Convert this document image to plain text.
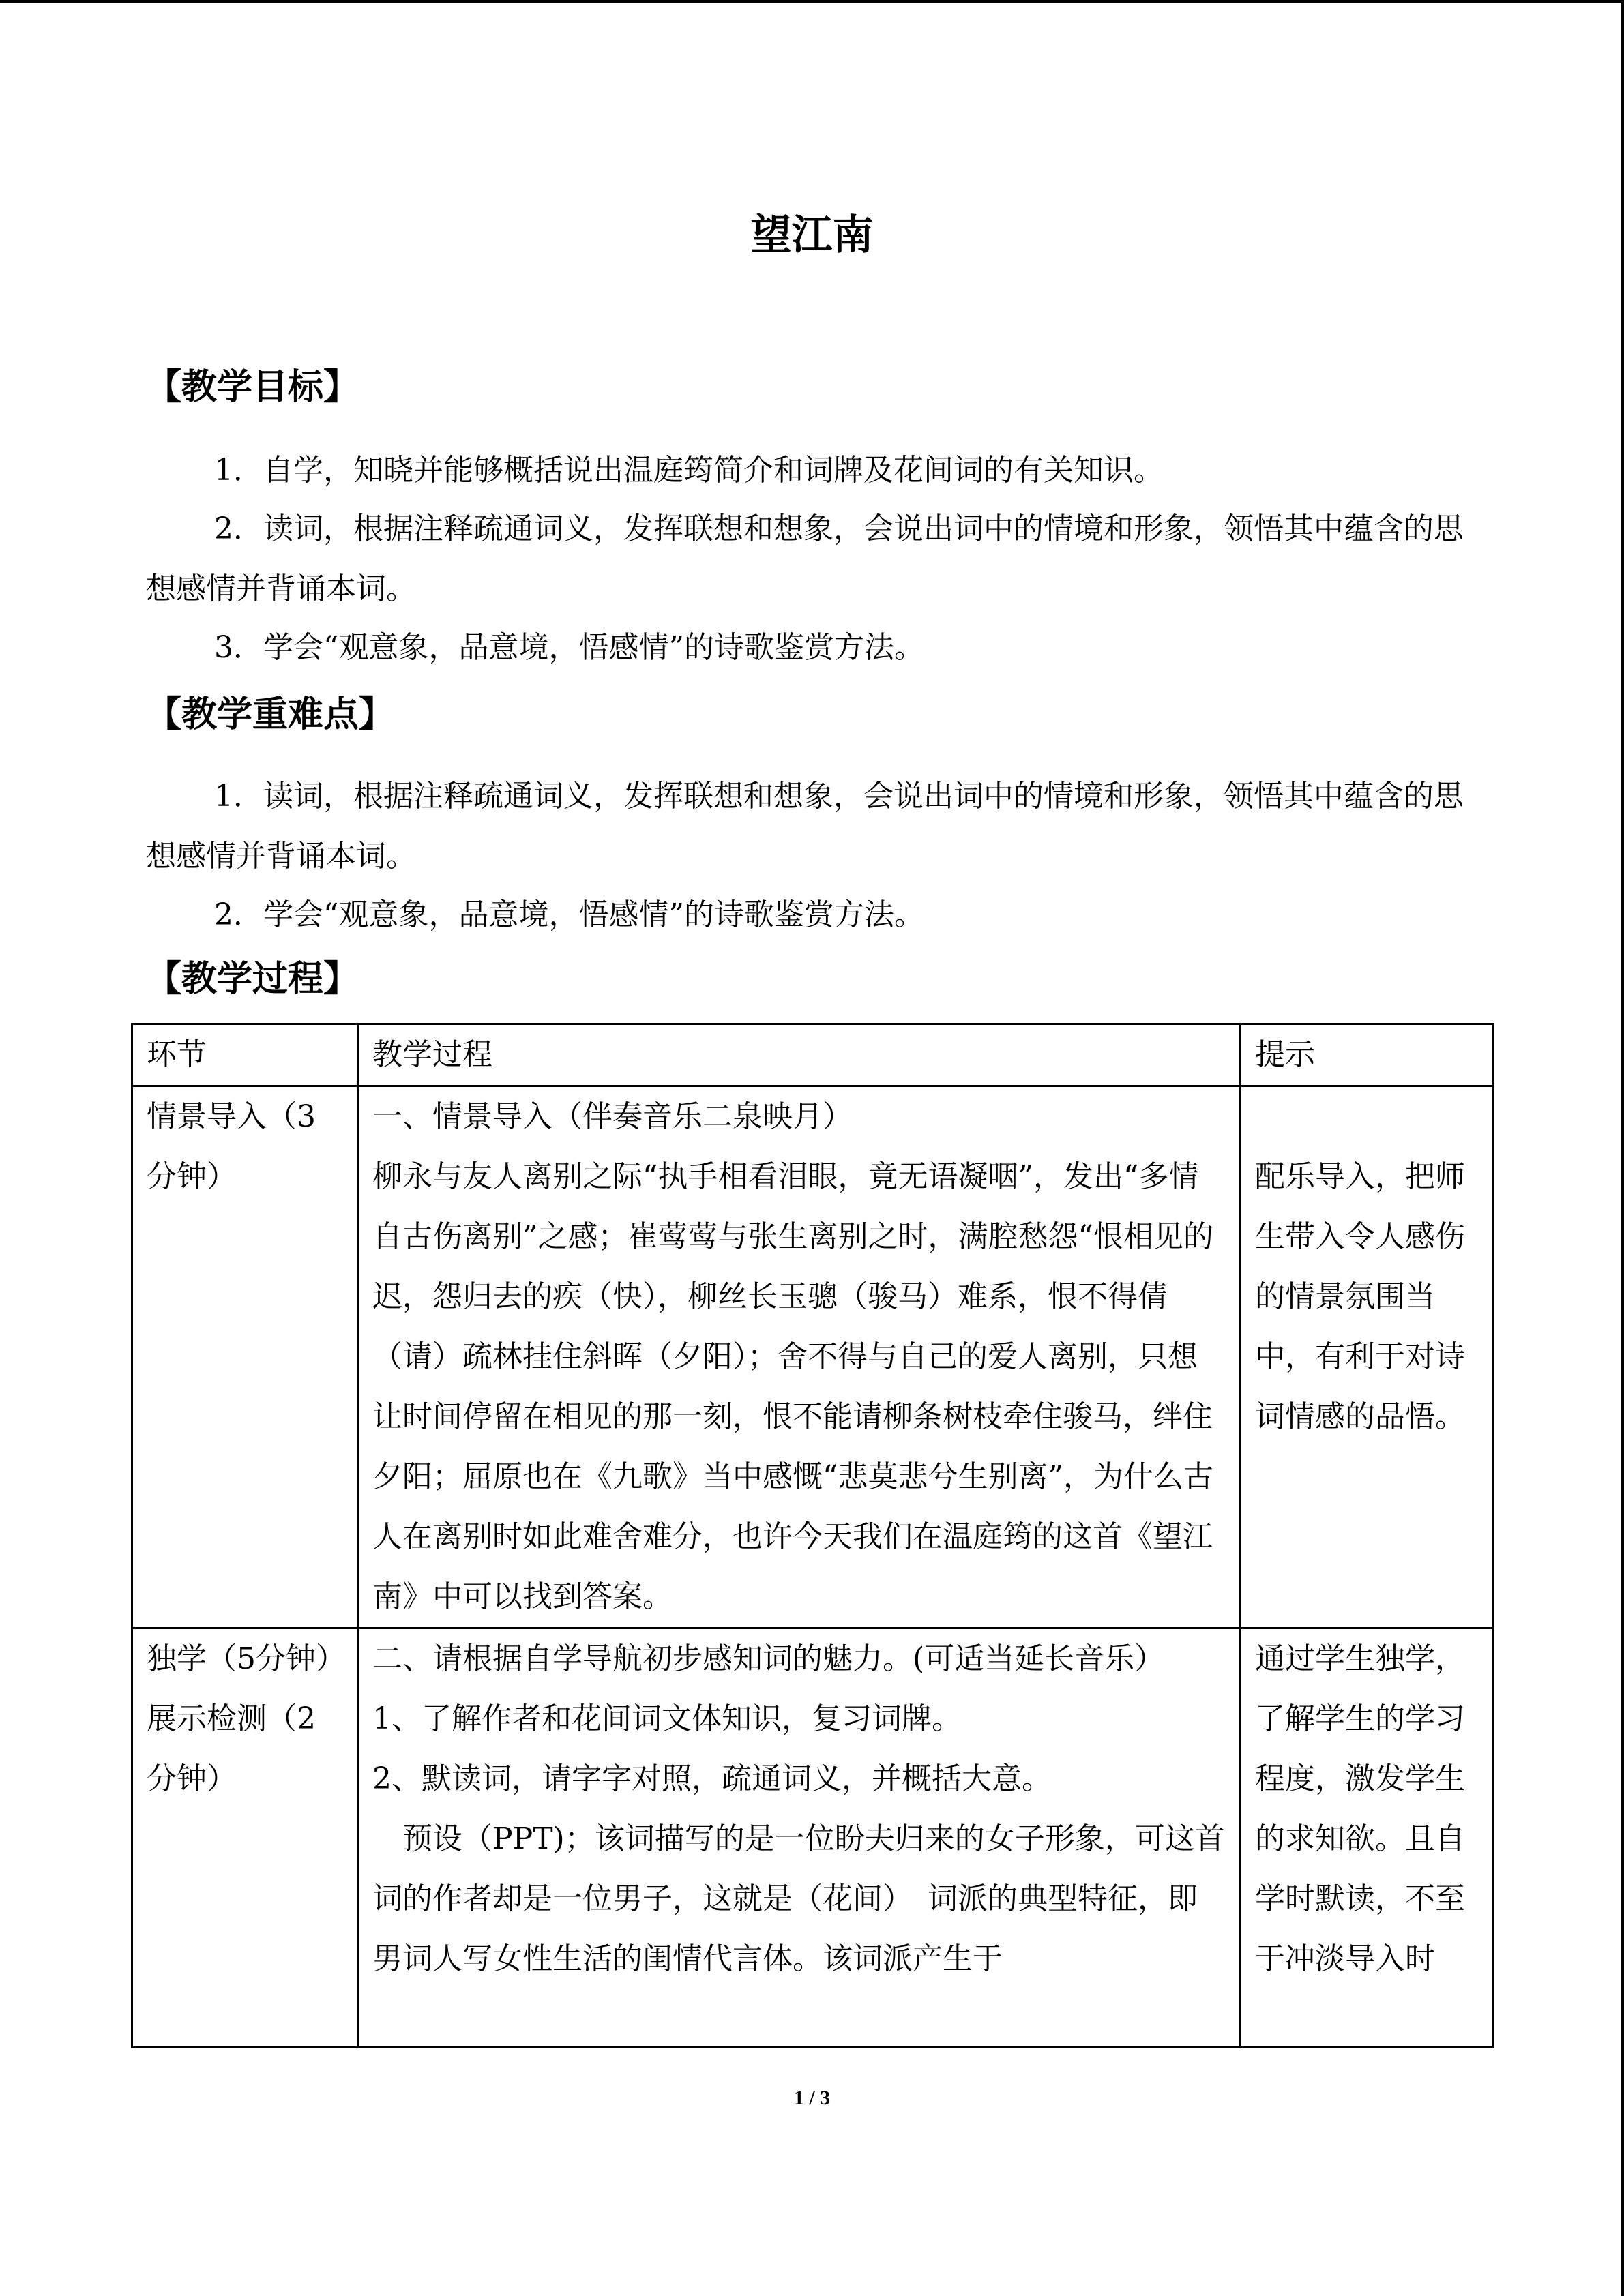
望江南
【教学目标】
1．自学，知晓并能够概括说出温庭筠简介和词牌及花间词的有关知识。
2．读词，根据注释疏通词义，发挥联想和想象，会说出词中的情境和形象，领悟其中蕴含的思想感情并背诵本词。
3．学会“观意象，品意境，悟感情”的诗歌鉴赏方法。
【教学重难点】
1．读词，根据注释疏通词义，发挥联想和想象，会说出词中的情境和形象，领悟其中蕴含的思想感情并背诵本词。
2．学会“观意象，品意境，悟感情”的诗歌鉴赏方法。
【教学过程】
环节	教学过程	提示

情景导入（3分钟）	一、情景导入（伴奏音乐二泉映月）
柳永与友人离别之际“执手相看泪眼，竟无语凝咽”，发出“多情自古伤离别”之感；崔莺莺与张生离别之时，满腔愁怨“恨相见的迟，怨归去的疾（快），柳丝长玉骢（骏马）难系，恨不得倩（请）疏林挂住斜晖（夕阳）；舍不得与自己的爱人离别，只想让时间停留在相见的那一刻，恨不能请柳条树枝牵住骏马，绊住夕阳；屈原也在《九歌》当中感慨“悲莫悲兮生别离”，为什么古人在离别时如此难舍难分，也许今天我们在温庭筠的这首《望江南》中可以找到答案。	配乐导入，把师生带入令人感伤的情景氛围当中，有利于对诗词情感的品悟。

独学（5分钟）
展示检测（2分钟）	二、请根据自学导航初步感知词的魅力。(可适当延长音乐）
1、了解作者和花间词文体知识，复习词牌。
2、默读词，请字字对照，疏通词义，并概括大意。
预设（PPT)；该词描写的是一位盼夫归来的女子形象，可这首词的作者却是一位男子，这就是（花间）　词派的典型特征，即男词人写女性生活的闺情代言体。该词派产生于	通过学生独学，了解学生的学习程度，激发学生的求知欲。且自学时默读，不至于冲淡导入时
1 / 3
